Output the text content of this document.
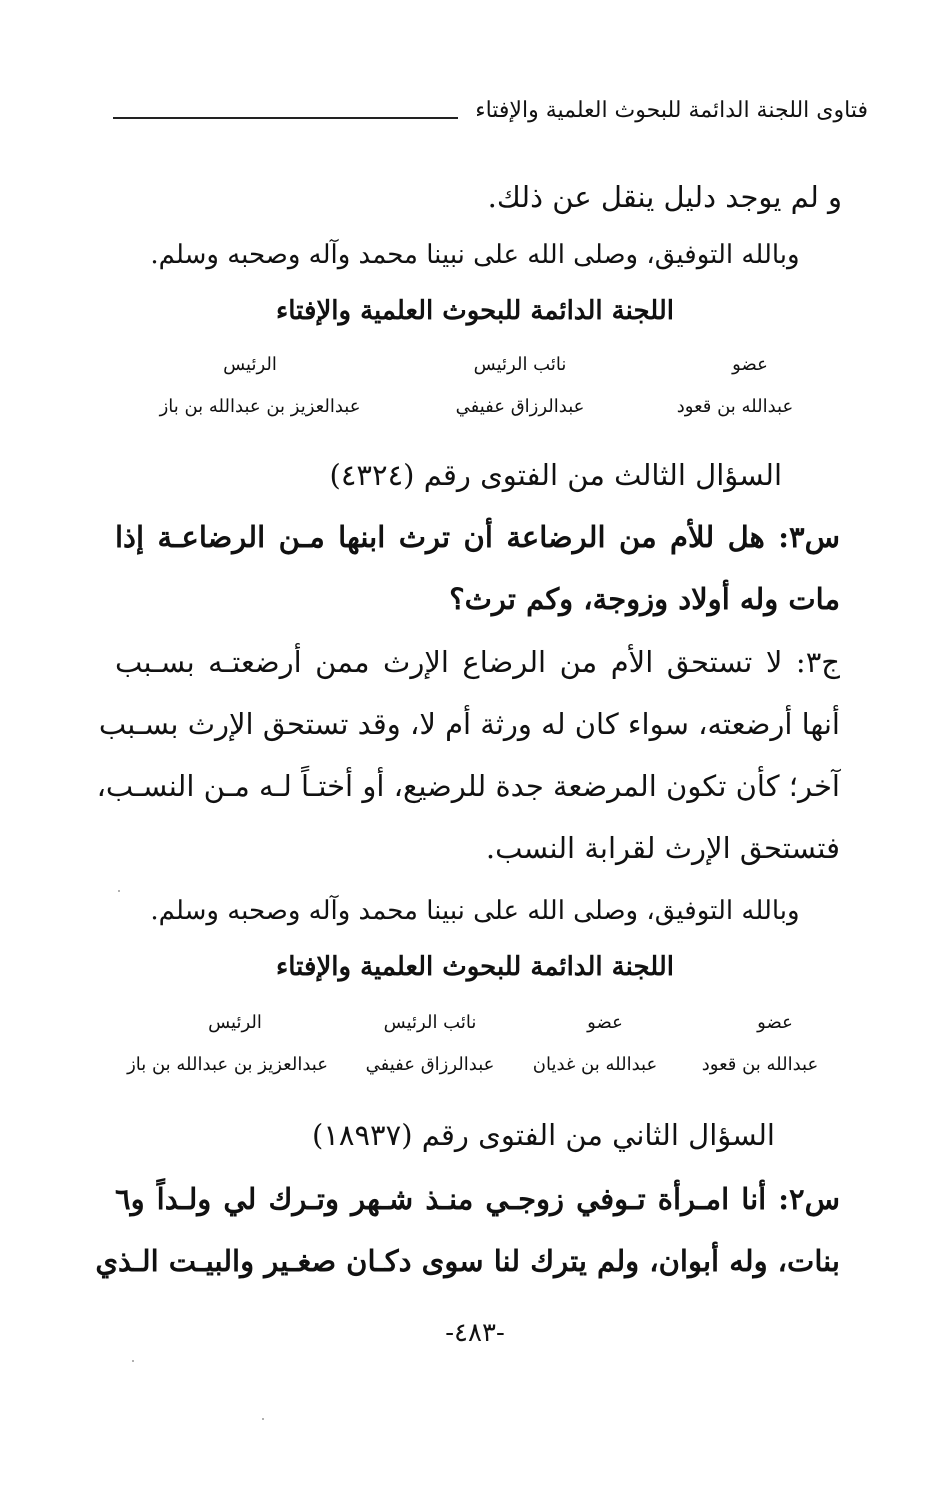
فتاوى اللجنة الدائمة للبحوث العلمية والإفتاء
و لم يوجد دليل ينقل عن ذلك.
وبالله التوفيق، وصلى الله على نبينا محمد وآله وصحبه وسلم.
اللجنة الدائمة للبحوث العلمية والإفتاء
عضو
نائب الرئيس
الرئيس
عبدالله بن قعود
عبدالرزاق عفيفي
عبدالعزيز بن عبدالله بن باز
السؤال الثالث من الفتوى رقم (٤٣٢٤)
س٣: هل للأم من الرضاعة أن ترث ابنها مـن الرضاعـة إذا
مات وله أولاد وزوجة، وكم ترث؟
ج٣: لا تستحق الأم من الرضاع الإرث ممن أرضعتـه بسـبب
أنها أرضعته، سواء كان له ورثة أم لا، وقد تستحق الإرث بسـبب
آخر؛ كأن تكون المرضعة جدة للرضيع، أو أختـاً لـه مـن النسـب،
فتستحق الإرث لقرابة النسب.
وبالله التوفيق، وصلى الله على نبينا محمد وآله وصحبه وسلم.
اللجنة الدائمة للبحوث العلمية والإفتاء
عضو
عضو
نائب الرئيس
الرئيس
عبدالله بن قعود
عبدالله بن غديان
عبدالرزاق عفيفي
عبدالعزيز بن عبدالله بن باز
السؤال الثاني من الفتوى رقم (١٨٩٣٧)
س٢: أنا امـرأة تـوفي زوجـي منـذ شـهر وتـرك لي ولـداً و٦
بنات، وله أبوان، ولم يترك لنا سوى دكـان صغـير والبيـت الـذي
-٤٨٣-
